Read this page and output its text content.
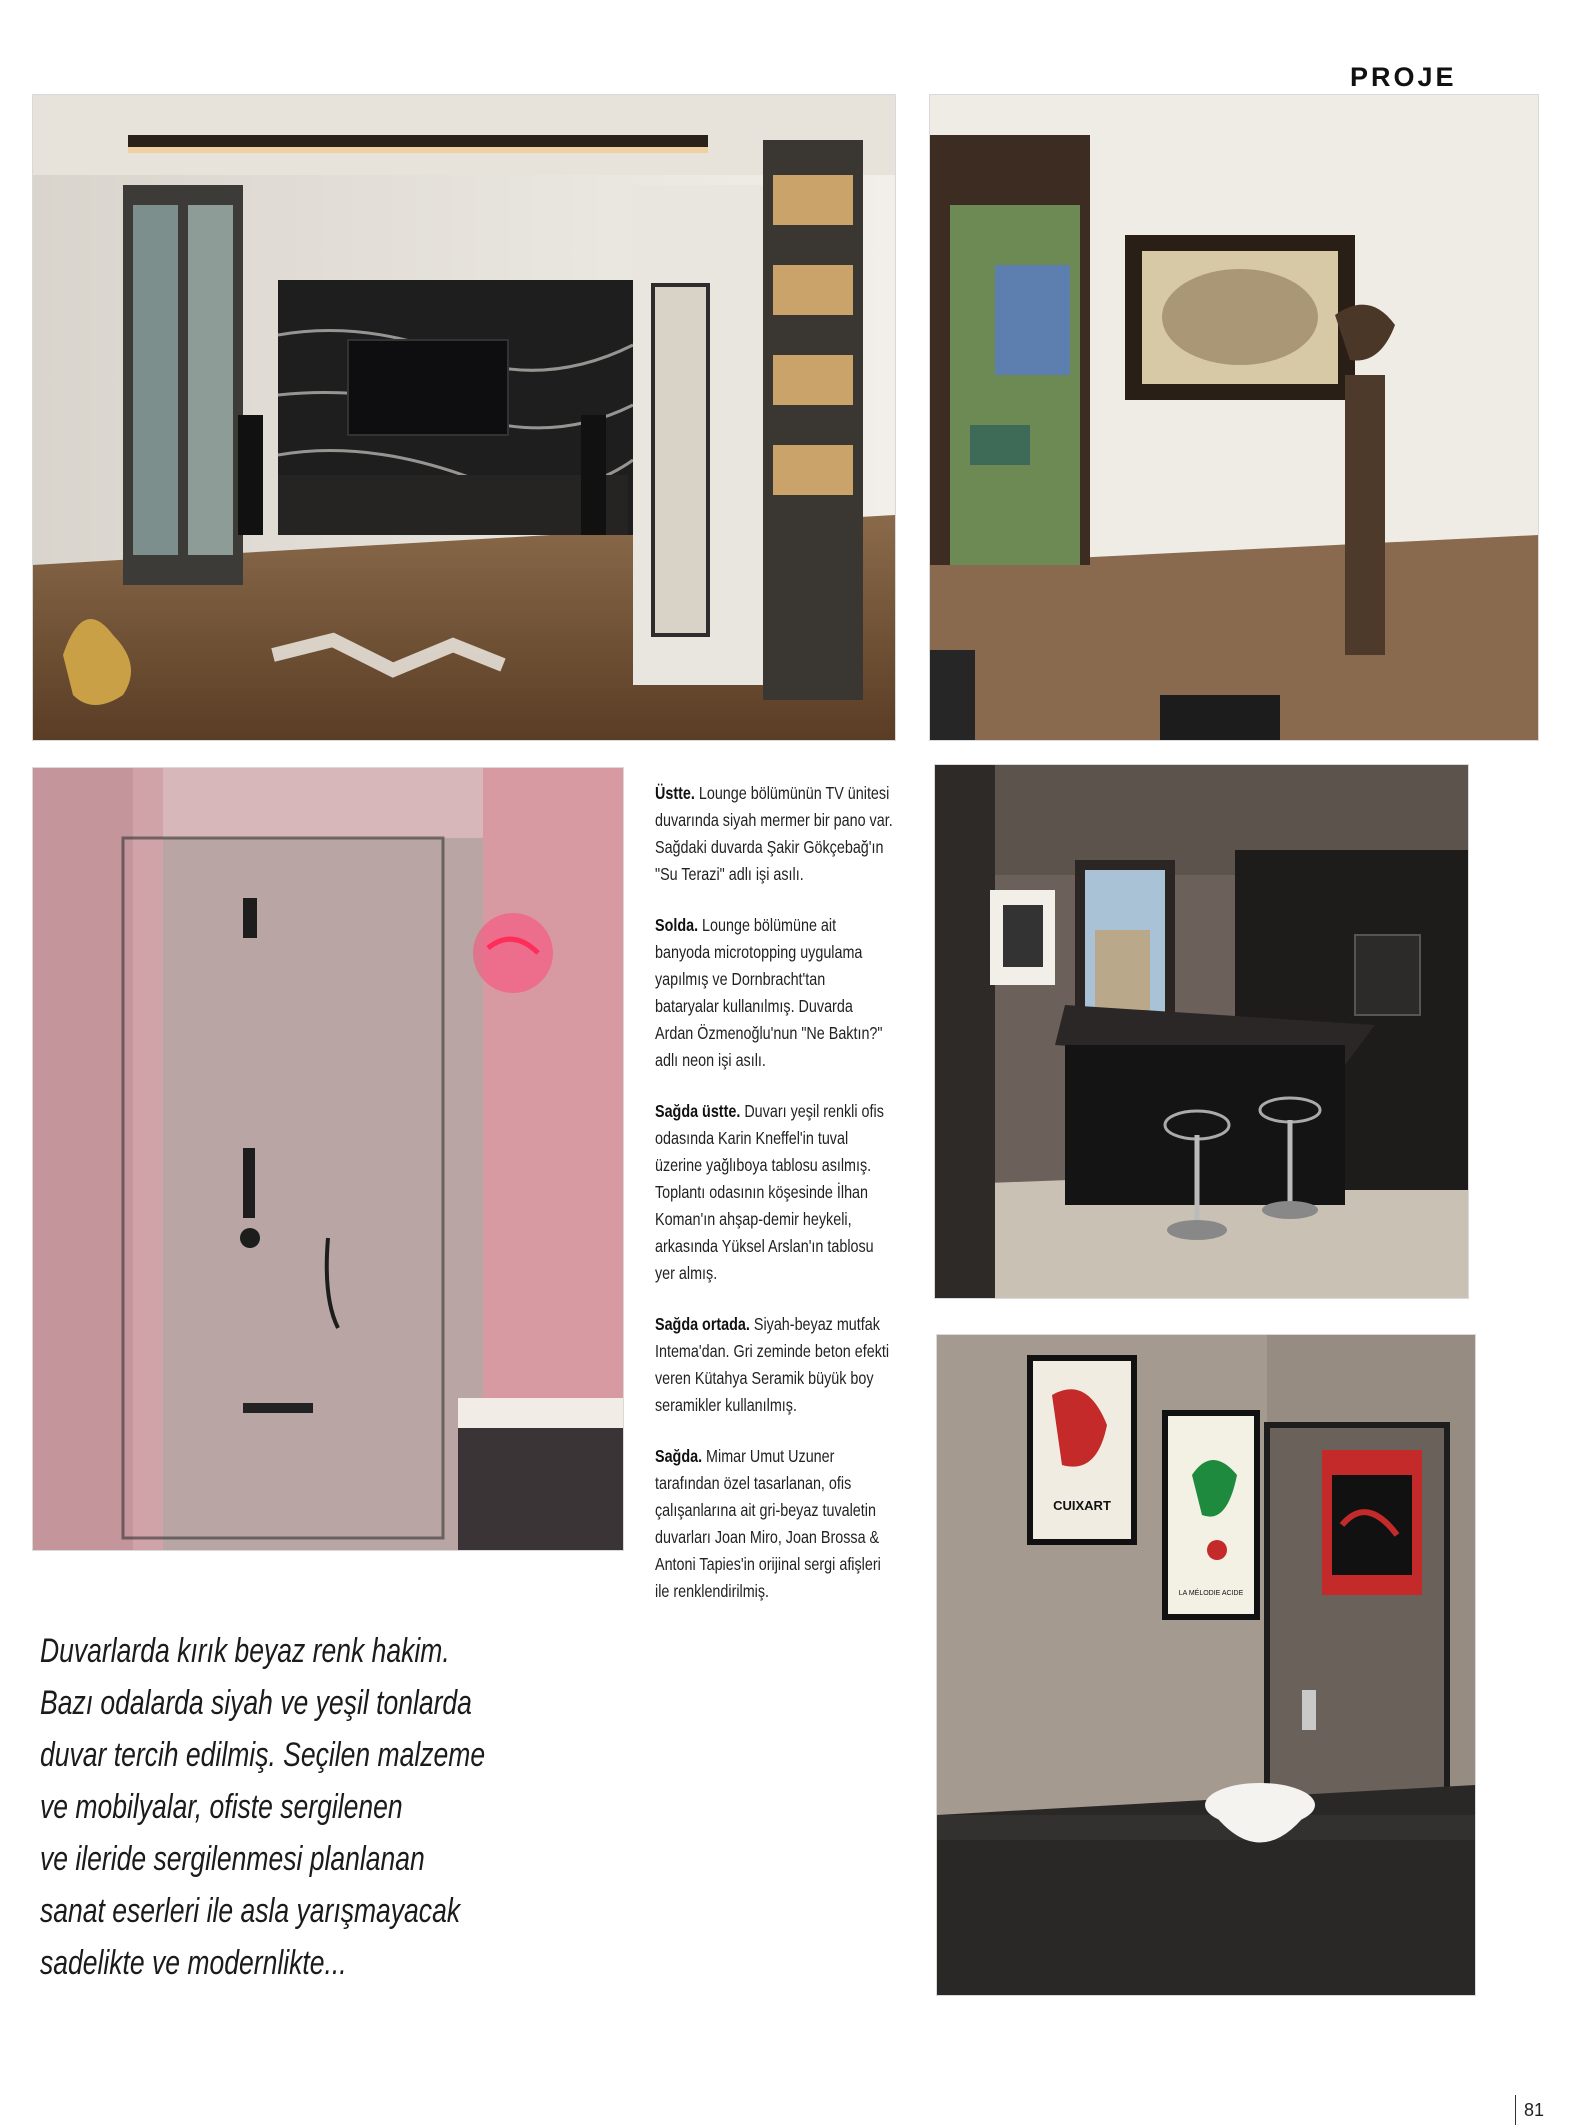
PROJE
CUIXART
LA MÉLODIE ACIDE

Üstte. Lounge bölümünün TV ünitesi duvarında siyah mermer bir pano var. Sağdaki duvarda Şakir Gökçebağ'ın "Su Terazi" adlı işi asılı.

Solda. Lounge bölümüne ait banyoda microtopping uygulama yapılmış ve Dornbracht'tan bataryalar kullanılmış. Duvarda Ardan Özmenoğlu'nun "Ne Baktın?" adlı neon işi asılı.

Sağda üstte. Duvarı yeşil renkli ofis odasında Karin Kneffel'in tuval üzerine yağlıboya tablosu asılmış. Toplantı odasının köşesinde İlhan Koman'ın ahşap-demir heykeli, arkasında Yüksel Arslan'ın tablosu yer almış.

Sağda ortada. Siyah-beyaz mutfak Intema'dan. Gri zeminde beton efekti veren Kütahya Seramik büyük boy seramikler kullanılmış.

Sağda. Mimar Umut Uzuner tarafından özel tasarlanan, ofis çalışanlarına ait gri-beyaz tuvaletin duvarları Joan Miro, Joan Brossa & Antoni Tapies'in orijinal sergi afişleri ile renklendirilmiş.

Duvarlarda kırık beyaz renk hakim.
Bazı odalarda siyah ve yeşil tonlarda
duvar tercih edilmiş. Seçilen malzeme
ve mobilyalar, ofiste sergilenen
ve ileride sergilenmesi planlanan
sanat eserleri ile asla yarışmayacak
sadelikte ve modernlikte...
81
